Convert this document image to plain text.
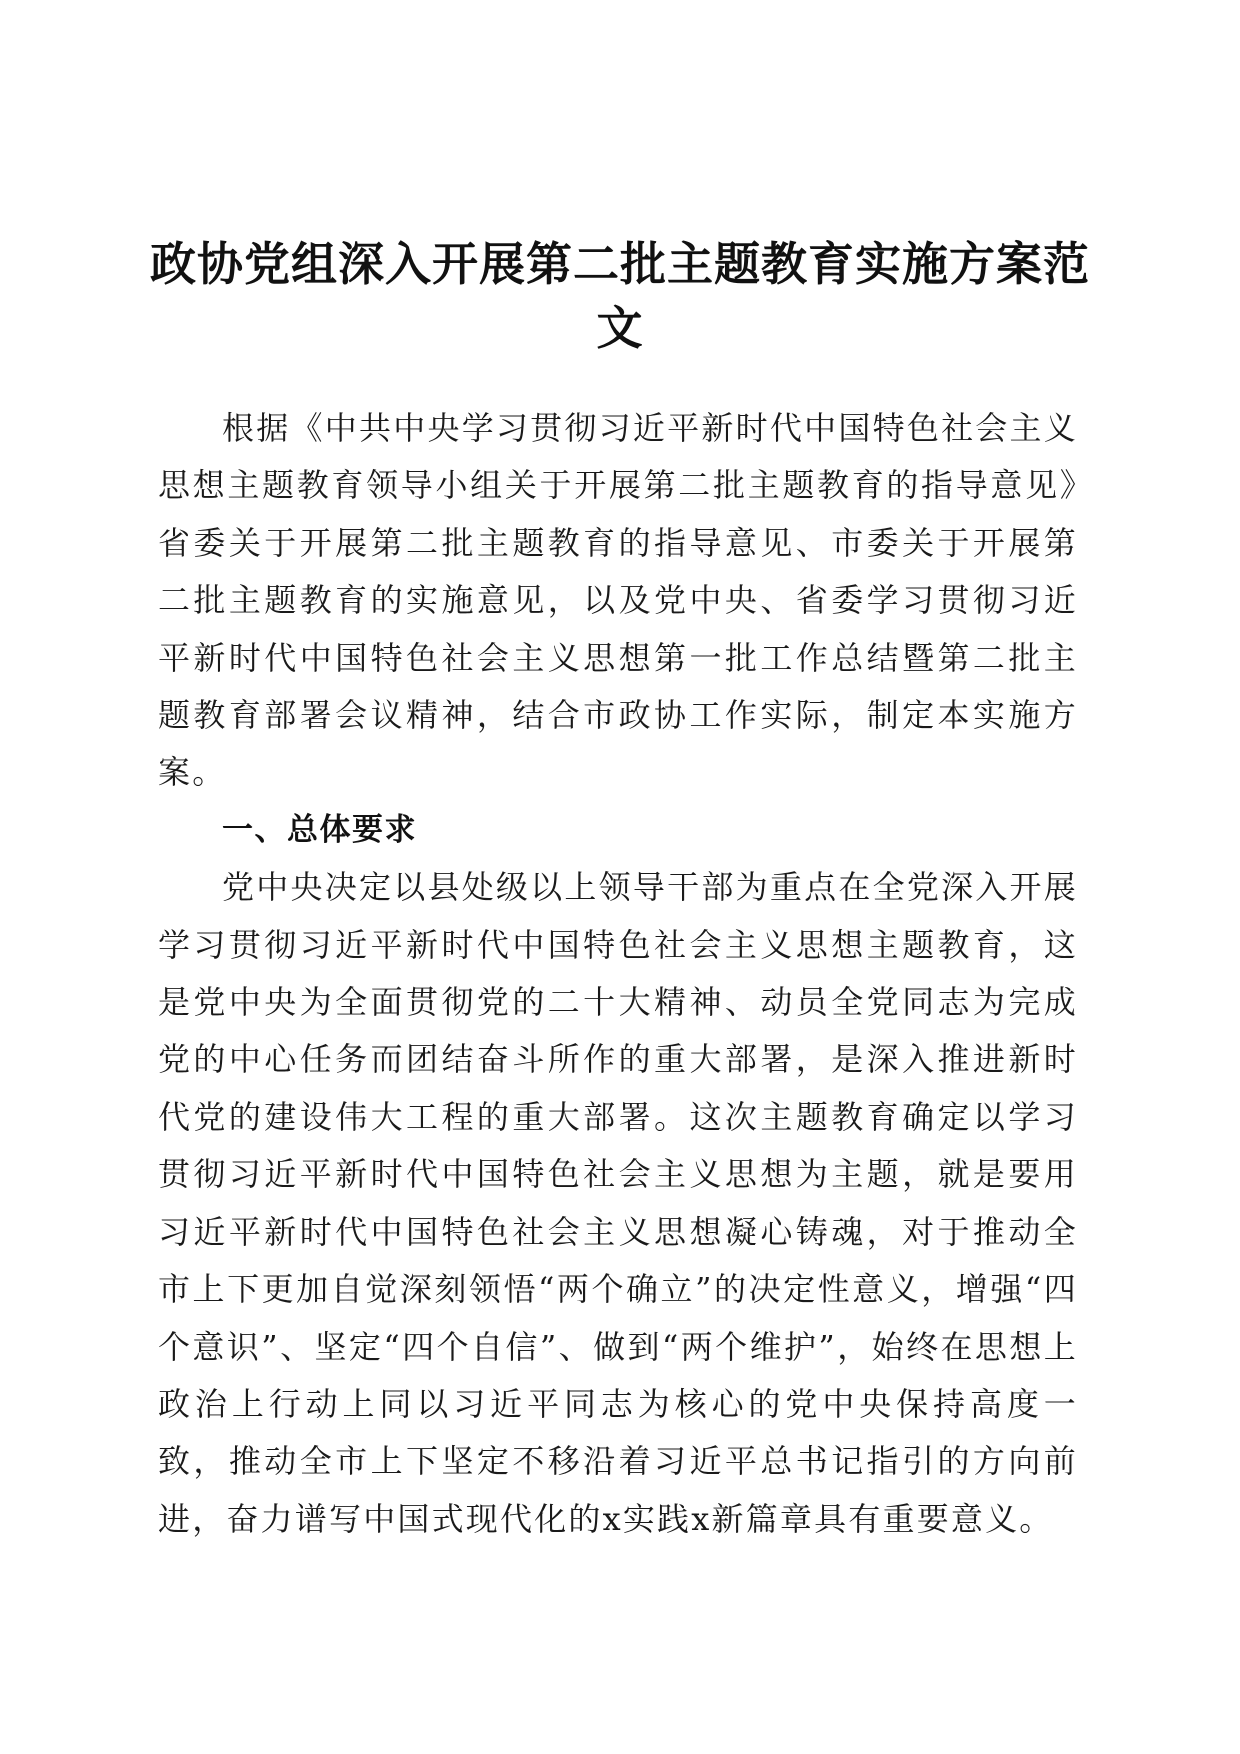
政协党组深入开展第二批主题教育实施方案范文

根据《中共中央学习贯彻习近平新时代中国特色社会主义思想主题教育领导小组关于开展第二批主题教育的指导意见》省委关于开展第二批主题教育的指导意见、市委关于开展第二批主题教育的实施意见，以及党中央、省委学习贯彻习近平新时代中国特色社会主义思想第一批工作总结暨第二批主题教育部署会议精神，结合市政协工作实际，制定本实施方案。

一、总体要求

党中央决定以县处级以上领导干部为重点在全党深入开展学习贯彻习近平新时代中国特色社会主义思想主题教育，这是党中央为全面贯彻党的二十大精神、动员全党同志为完成党的中心任务而团结奋斗所作的重大部署，是深入推进新时代党的建设伟大工程的重大部署。这次主题教育确定以学习贯彻习近平新时代中国特色社会主义思想为主题，就是要用习近平新时代中国特色社会主义思想凝心铸魂，对于推动全市上下更加自觉深刻领悟“两个确立”的决定性意义，增强“四个意识”、坚定“四个自信”、做到“两个维护”，始终在思想上政治上行动上同以习近平同志为核心的党中央保持高度一致，推动全市上下坚定不移沿着习近平总书记指引的方向前进，奋力谱写中国式现代化的x实践x新篇章具有重要意义。
